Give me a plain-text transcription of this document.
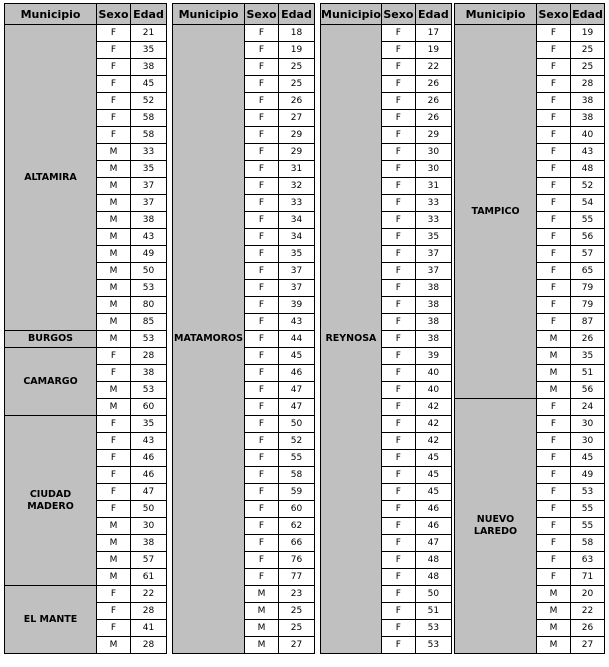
Municipio	Sexo	Edad
ALTAMIRA	F	21
	F	35
	F	38
	F	45
	F	52
	F	58
	F	58
	M	33
	M	35
	M	37
	M	37
	M	38
	M	43
	M	49
	M	50
	M	53
	M	80
	M	85
BURGOS	M	53
CAMARGO	F	28
	F	38
	M	53
	M	60
CIUDAD MADERO	F	35
	F	43
	F	46
	F	46
	F	47
	F	50
	M	30
	M	38
	M	57
	M	61
EL MANTE	F	22
	F	28
	F	41
	M	28
Municipio	Sexo	Edad
MATAMOROS	F	18
	F	19
	F	25
	F	25
	F	26
	F	27
	F	29
	F	29
	F	31
	F	32
	F	33
	F	34
	F	34
	F	35
	F	37
	F	37
	F	39
	F	43
	F	44
	F	45
	F	46
	F	47
	F	47
	F	50
	F	52
	F	55
	F	58
	F	59
	F	60
	F	62
	F	66
	F	76
	F	77
	M	23
	M	25
	M	25
	M	27
Municipio	Sexo	Edad
REYNOSA	F	17
	F	19
	F	22
	F	26
	F	26
	F	26
	F	29
	F	30
	F	30
	F	31
	F	33
	F	33
	F	35
	F	37
	F	37
	F	38
	F	38
	F	38
	F	38
	F	39
	F	40
	F	40
	F	42
	F	42
	F	42
	F	45
	F	45
	F	45
	F	46
	F	46
	F	47
	F	48
	F	48
	F	50
	F	51
	F	53
	F	53
Municipio	Sexo	Edad
TAMPICO	F	19
	F	25
	F	25
	F	28
	F	38
	F	38
	F	40
	F	43
	F	48
	F	52
	F	54
	F	55
	F	56
	F	57
	F	65
	F	79
	F	79
	F	87
	M	26
	M	35
	M	51
	M	56
NUEVO LAREDO	F	24
	F	30
	F	30
	F	45
	F	49
	F	53
	F	55
	F	55
	F	58
	F	63
	F	71
	M	20
	M	22
	M	26
	M	27
